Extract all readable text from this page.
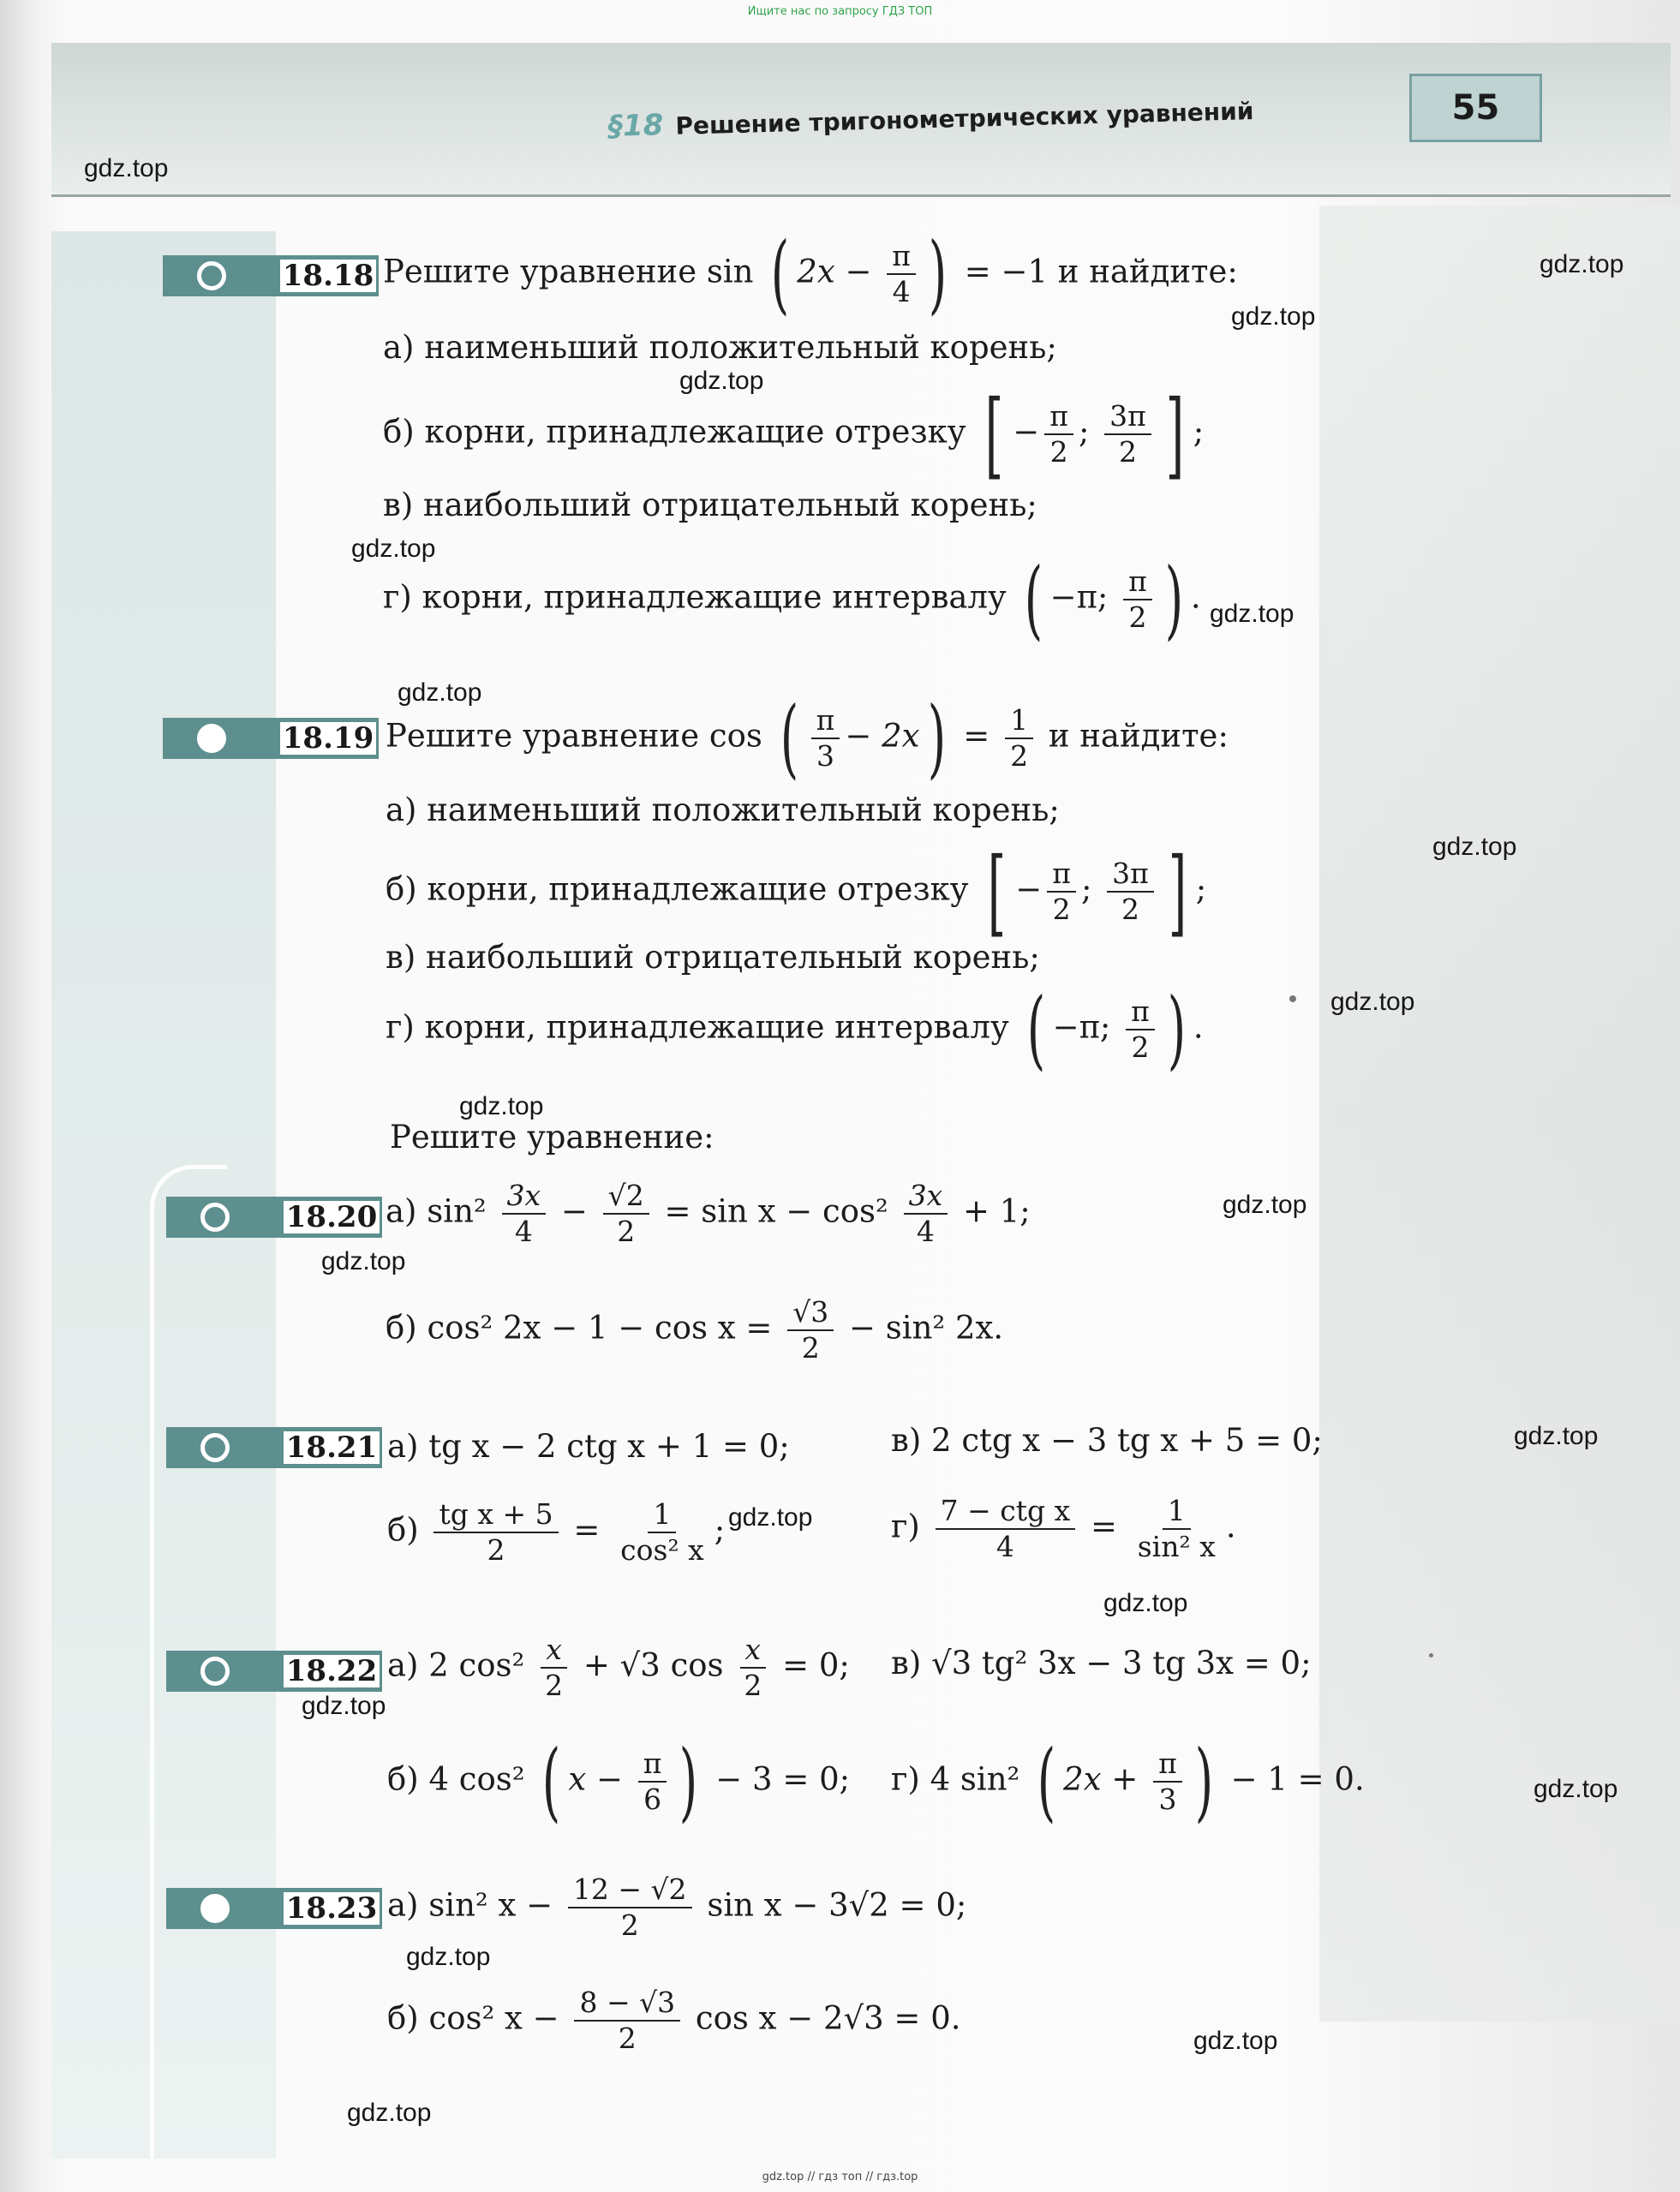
Ищите нас по запросу ГДЗ ТОП
§18 Решение тригонометрических уравнений	55
gdz.top
gdz.top
gdz.top
gdz.top
gdz.top
gdz.top
gdz.top
gdz.top
gdz.top
gdz.top
gdz.top
gdz.top
gdz.top
gdz.top
gdz.top
gdz.top
gdz.top
gdz.top
gdz.top
gdz.top
18.18 Решите уравнение sin ( $2x - \frac{\pi}{4}$ ) = −1 и найдите:
а) наименьший положительный корень;
б) корни, принадлежащие отрезку [ − $\frac{\pi}{2}$ ; $\frac{3\pi}{2}$ ] ;
в) наибольший отрицательный корень;
г) корни, принадлежащие интервалу ( −π; $\frac{\pi}{2}$ ) .
18.19 Решите уравнение cos ( $\frac{\pi}{3} - 2x) = \frac{1}{2}$ и найдите:
а) наименьший положительный корень;
б) корни, принадлежащие отрезку [ − $\frac{\pi}{2}$ ; $\frac{3\pi}{2}$ ] ;
в) наибольший отрицательный корень;
г) корни, принадлежащие интервалу ( −π; $\frac{\pi}{2}$ ) .
Решите уравнение:
18.20 а) $\sin^2 \frac{3x}{4} - \frac{√2}{2} = \sin x - \cos^2 \frac{3x}{4} + 1$;
б) cos² $2x - 1 - \cos x = \frac{√3}{2} - \sin^2$ 2x.
18.21 а) tg x − 2 ctg x + 1 = 0;	в) 2 ctg x − 3 tg x + 5 = 0;
$б) \frac{\text{tg x + 5}}{2} = \frac{1}{\text{cos² x}}$ ;	$г) \frac{\text{7 − ctg x}}{4} = \frac{1}{\text{sin² x}}$ .
18.22 а) 2 $\cos^2 \frac{x}{2} + √3$ $\cos \frac{x}{2} = 0$; в) √3 tg² 3x − 3 tg 3x = 0;
б) 4 cos² ( $x - \frac{\pi}{6}$ ) − 3 = 0; г) 4 sin² ( $2x + \frac{\pi}{3}$ ) − 1 = 0.
18.23 а) sin² $x - \frac{12 - √2}{2}$ sin x − 3√2 = 0;
б) cos² $x - \frac{8 - √3}{2}$ cos x − 2√3 = 0.
gdz.top // гдз топ // гдз.top
